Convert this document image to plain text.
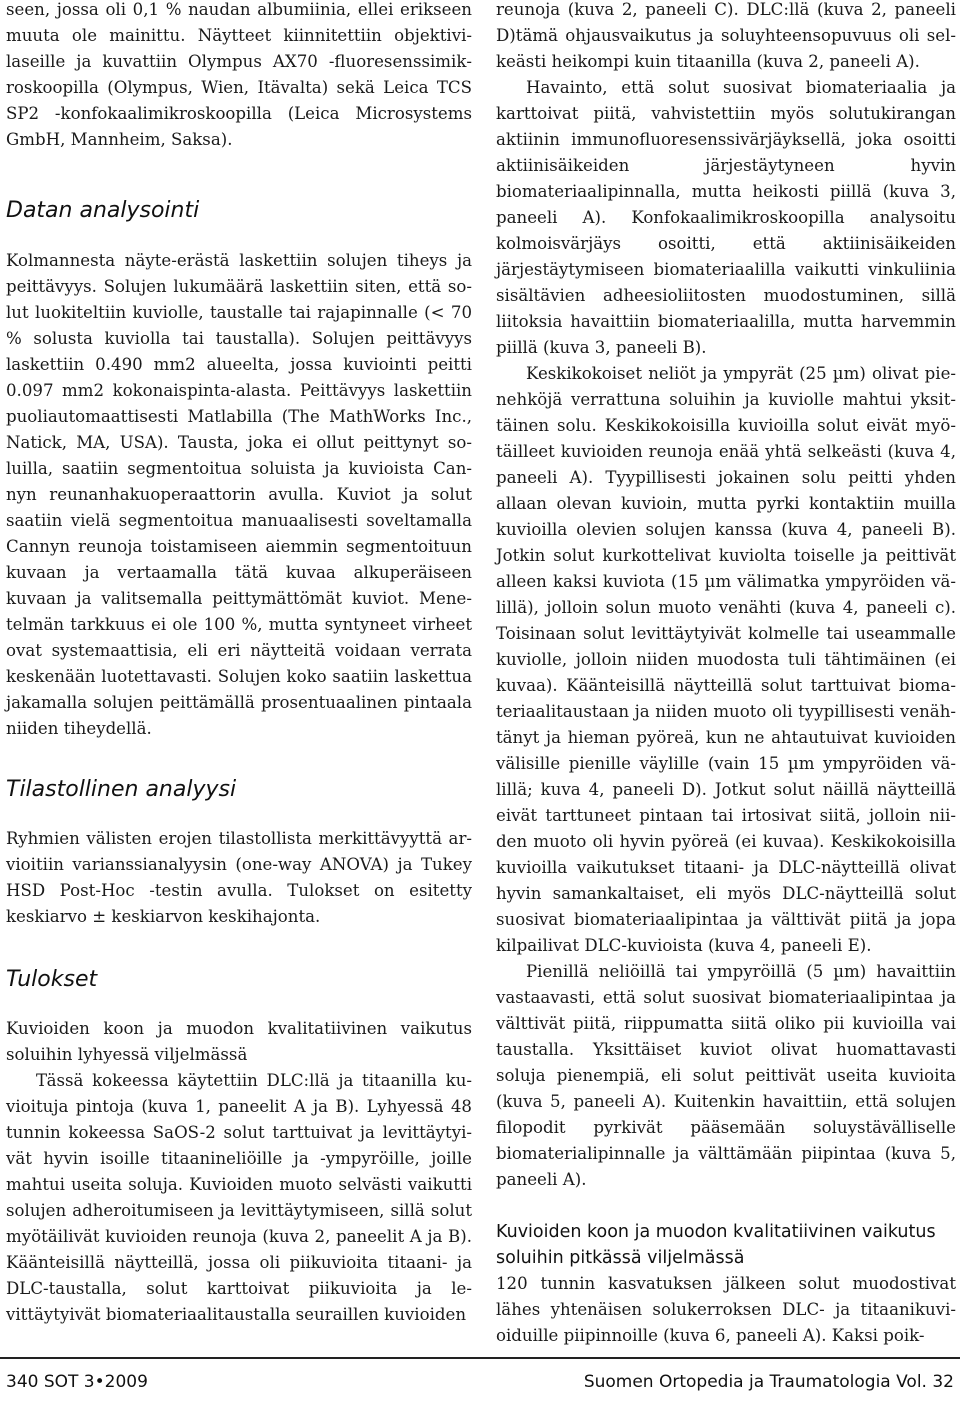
seen, jossa oli 0,1 % naudan albumiinia, ellei erikseen muuta ole mainittu. Näytteet kiinnitettiin objektivilaseille ja kuvattiin Olympus AX70 -fluoresenssimikroskoopilla (Olympus, Wien, Itävalta) sekä Leica TCS SP2 -konfokaalimikroskoopilla (Leica Microsystems GmbH, Mannheim, Saksa).

Datan analysointi

Kolmannesta näyte-erästä laskettiin solujen tiheys ja peittävyys. Solujen lukumäärä laskettiin siten, että solut luokiteltiin kuviolle, taustalle tai rajapinnalle (< 70 % solusta kuviolla tai taustalla). Solujen peittävyys laskettiin 0.490 mm2 alueelta, jossa kuviointi peitti 0.097 mm2 kokonaispinta-alasta. Peittävyys laskettiin puoliautomaattisesti Matlabilla (The MathWorks Inc., Natick, MA, USA). Tausta, joka ei ollut peittynyt soluilla, saatiin segmentoitua soluista ja kuvioista Cannyn reunanhakuoperaattorin avulla. Kuviot ja solut saatiin vielä segmentoitua manuaalisesti soveltamalla Cannyn reunoja toistamiseen aiemmin segmentoituun kuvaan ja vertaamalla tätä kuvaa alkuperäiseen kuvaan ja valitsemalla peittymättömät kuviot. Menetelmän tarkkuus ei ole 100 %, mutta syntyneet virheet ovat systemaattisia, eli eri näytteitä voidaan verrata keskenään luotettavasti. Solujen koko saatiin laskettua jakamalla solujen peittämällä prosentuaalinen pintaala niiden tiheydellä.

Tilastollinen analyysi

Ryhmien välisten erojen tilastollista merkittävyyttä arvioitiin varianssianalyysin (one-way ANOVA) ja Tukey HSD Post-Hoc -testin avulla. Tulokset on esitetty keskiarvo ± keskiarvon keskihajonta.

Tulokset

Kuvioiden koon ja muodon kvalitatiivinen vaikutus soluihin lyhyessä viljelmässä

Tässä kokeessa käytettiin DLC:llä ja titaanilla kuvioituja pintoja (kuva 1, paneelit A ja B). Lyhyessä 48 tunnin kokeessa SaOS-2 solut tarttuivat ja levittäytyivät hyvin isoille titaanineliöille ja -ympyröille, joille mahtui useita soluja. Kuvioiden muoto selvästi vaikutti solujen adheroitumiseen ja levittäytymiseen, sillä solut myötäilivät kuvioiden reunoja (kuva 2, paneelit A ja B). Käänteisillä näytteillä, jossa oli piikuvioita titaani- ja DLC-taustalla, solut karttoivat piikuvioita ja levittäytyivät biomateriaalitaustalla seuraillen kuvioiden

reunoja (kuva 2, paneeli C). DLC:llä (kuva 2, paneeli D)tämä ohjausvaikutus ja soluyhteensopuvuus oli selkeästi heikompi kuin titaanilla (kuva 2, paneeli A).

Havainto, että solut suosivat biomateriaalia ja karttoivat piitä, vahvistettiin myös solutukirangan aktiinin immunofluoresenssivärjäyksellä, joka osoitti aktiinisäikeiden järjestäytyneen hyvin biomateriaalipinnalla, mutta heikosti piillä (kuva 3, paneeli A). Konfokaalimikroskoopilla analysoitu kolmoisvärjäys osoitti, että aktiinisäikeiden järjestäytymiseen biomateriaalilla vaikutti vinkuliinia sisältävien adheesioliitosten muodostuminen, sillä liitoksia havaittiin biomateriaalilla, mutta harvemmin piillä (kuva 3, paneeli B).

Keskikokoiset neliöt ja ympyrät (25 µm) olivat pienehköjä verrattuna soluihin ja kuviolle mahtui yksittäinen solu. Keskikokoisilla kuvioilla solut eivät myötäilleet kuvioiden reunoja enää yhtä selkeästi (kuva 4, paneeli A). Tyypillisesti jokainen solu peitti yhden allaan olevan kuvioin, mutta pyrki kontaktiin muilla kuvioilla olevien solujen kanssa (kuva 4, paneeli B). Jotkin solut kurkottelivat kuviolta toiselle ja peittivät alleen kaksi kuviota (15 µm välimatka ympyröiden välillä), jolloin solun muoto venähti (kuva 4, paneeli c). Toisinaan solut levittäytyivät kolmelle tai useammalle kuviolle, jolloin niiden muodosta tuli tähtimäinen (ei kuvaa). Käänteisillä näytteillä solut tarttuivat biomateriaalitaustaan ja niiden muoto oli tyypillisesti venähtänyt ja hieman pyöreä, kun ne ahtautuivat kuvioiden välisille pienille väylille (vain 15 µm ympyröiden välillä; kuva 4, paneeli D). Jotkut solut näillä näytteillä eivät tarttuneet pintaan tai irtosivat siitä, jolloin niiden muoto oli hyvin pyöreä (ei kuvaa). Keskikokoisilla kuvioilla vaikutukset titaani- ja DLC-näytteillä olivat hyvin samankaltaiset, eli myös DLC-näytteillä solut suosivat biomateriaalipintaa ja välttivät piitä ja jopa kilpailivat DLC-kuvioista (kuva 4, paneeli E).

Pienillä neliöillä tai ympyröillä (5 µm) havaittiin vastaavasti, että solut suosivat biomateriaalipintaa ja välttivät piitä, riippumatta siitä oliko pii kuvioilla vai taustalla. Yksittäiset kuviot olivat huomattavasti soluja pienempiä, eli solut peittivät useita kuvioita (kuva 5, paneeli A). Kuitenkin havaittiin, että solujen filopodit pyrkivät pääsemään soluystävälliselle biomaterialipinnalle ja välttämään piipintaa (kuva 5, paneeli A).

Kuvioiden koon ja muodon kvalitatiivinen vaikutus soluihin pitkässä viljelmässä

120 tunnin kasvatuksen jälkeen solut muodostivat lähes yhtenäisen solukerroksen DLC- ja titaanikuvioiduille piipinnoille (kuva 6, paneeli A). Kaksi poik-

340 SOT 3•2009	Suomen Ortopedia ja Traumatologia Vol. 32
